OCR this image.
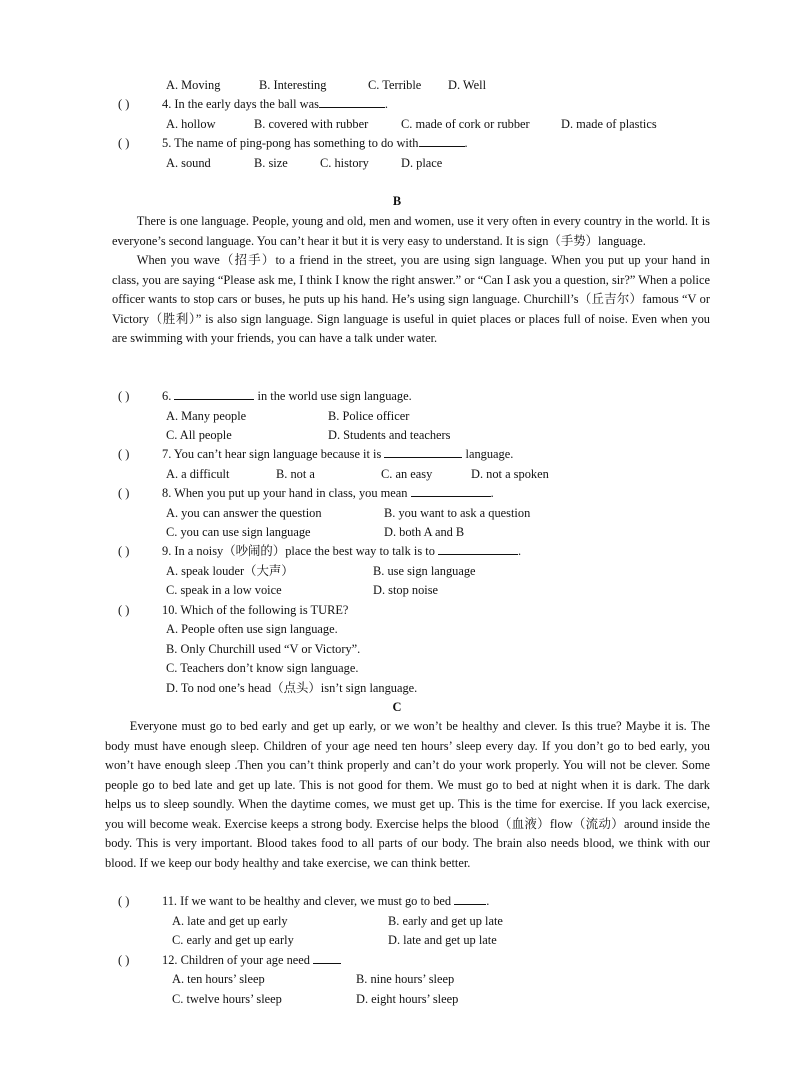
A. Moving	B. Interesting	C. Terrible D. Well
( )	4. In the early days the ball was	.
A. hollow	B. covered with rubber	C. made of cork or rubber	D. made of plastics
( )	5. The name of ping-pong has something to do with	.
A. sound	B. size	C. history	D. place
B

There is one language. People, young and old, men and women, use it very often in every country in the world. It is everyone’s second language. You can’t hear it but it is very easy to understand. It is sign（手势）language.

When you wave（招手）to a friend in the street, you are using sign language. When you put up your hand in class, you are saying “Please ask me, I think I know the right answer.” or “Can I ask you a question, sir?” When a police officer wants to stop cars or buses, he puts up his hand. He’s using sign language. Churchill’s（丘吉尔）famous “V or Victory（胜利）” is also sign language. Sign language is useful in quiet places or places full of noise. Even when you are swimming with your friends, you can have a talk under water.

( )	6.	in the world use sign language.
A. Many people	B. Police officer
C. All people	D. Students and teachers
( )	7. You can’t hear sign language because it is	language.
A. a difficult	B. not a	C. an easy	D. not a spoken
( )	8. When you put up your hand in class, you mean	.
A. you can answer the question	B. you want to ask a question
C. you can use sign language	D. both A and B
( )	9. In a noisy（吵闹的）place the best way to talk is to	.
A. speak louder（大声）	B. use sign language
C. speak in a low voice	D. stop noise
( )	10. Which of the following is TURE?
A. People often use sign language.
B. Only Churchill used “V or Victory”.
C. Teachers don’t know sign language.
D. To nod one’s head（点头）isn’t sign language.
C

Everyone must go to bed early and get up early, or we won’t be healthy and clever. Is this true? Maybe it is. The body must have enough sleep. Children of your age need ten hours’ sleep every day. If you don’t go to bed early, you won’t have enough sleep .Then you can’t think properly and can’t do your work properly. You will not be clever. Some people go to bed late and get up late. This is not good for them. We must go to bed at night when it is dark. The dark helps us to sleep soundly. When the daytime comes, we must get up. This is the time for exercise. If you lack exercise, you will become weak. Exercise keeps a strong body. Exercise helps the blood（血液）flow（流动）around inside the body. This is very important. Blood takes food to all parts of our body. The brain also needs blood, we think with our blood. If we keep our body healthy and take exercise, we can think better.

( )	11. If we want to be healthy and clever, we must go to bed	.
A. late and get up early	B. early and get up late
C. early and get up early	D. late and get up late
( )	12. Children of your age need
A. ten hours’ sleep	B. nine hours’ sleep
C. twelve hours’ sleep	D. eight hours’ sleep
